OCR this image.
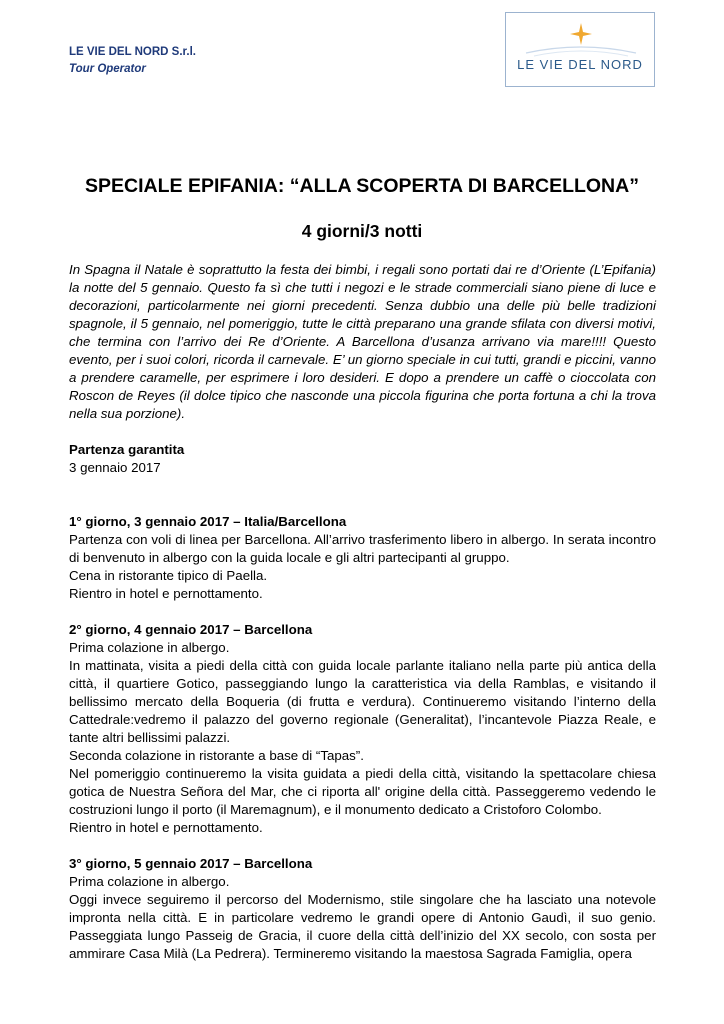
LE VIE DEL NORD S.r.l.
Tour Operator	LE VIE DEL NORD
SPECIALE EPIFANIA: “ALLA SCOPERTA DI BARCELLONA”
4 giorni/3 notti

In Spagna il Natale è soprattutto la festa dei bimbi, i regali sono portati dai re d’Oriente (L’Epifania) la notte del 5 gennaio. Questo fa sì che tutti i negozi e le strade commerciali siano piene di luce e decorazioni, particolarmente nei giorni precedenti. Senza dubbio una delle più belle tradizioni spagnole, il 5 gennaio, nel pomeriggio, tutte le città preparano una grande sfilata con diversi motivi, che termina con l’arrivo dei Re d’Oriente. A Barcellona d’usanza arrivano via mare!!!! Questo evento, per i suoi colori, ricorda il carnevale. E’ un giorno speciale in cui tutti, grandi e piccini, vanno a prendere caramelle, per esprimere i loro desideri. E dopo a prendere un caffè o cioccolata con Roscon de Reyes (il dolce tipico che nasconde una piccola figurina che porta fortuna a chi la trova nella sua porzione).

Partenza garantita

3 gennaio 2017

1° giorno, 3 gennaio 2017 – Italia/Barcellona

Partenza con voli di linea per Barcellona. All’arrivo trasferimento libero in albergo. In serata incontro di benvenuto in albergo con la guida locale e gli altri partecipanti al gruppo.

Cena in ristorante tipico di Paella.

Rientro in hotel e pernottamento.

2° giorno, 4 gennaio 2017 – Barcellona

Prima colazione in albergo.

In mattinata, visita a piedi della città con guida locale parlante italiano nella parte più antica della città, il quartiere Gotico, passeggiando lungo la caratteristica via della Ramblas, e visitando il bellissimo mercato della Boqueria (di frutta e verdura). Continueremo visitando l’interno della Cattedrale:vedremo il palazzo del governo regionale (Generalitat), l’incantevole Piazza Reale, e tante altri bellissimi palazzi.

Seconda colazione in ristorante a base di “Tapas”.

Nel pomeriggio continueremo la visita guidata a piedi della città, visitando la spettacolare chiesa gotica de Nuestra Señora del Mar, che ci riporta all' origine della città. Passeggeremo vedendo le costruzioni lungo il porto (il Maremagnum), e il monumento dedicato a Cristoforo Colombo.

Rientro in hotel e pernottamento.

3° giorno, 5 gennaio 2017 – Barcellona

Prima colazione in albergo.

Oggi invece seguiremo il percorso del Modernismo, stile singolare che ha lasciato una notevole impronta nella città. E in particolare vedremo le grandi opere di Antonio Gaudì, il suo genio. Passeggiata lungo Passeig de Gracia, il cuore della città dell’inizio del XX secolo, con sosta per ammirare Casa Milà (La Pedrera). Termineremo visitando la maestosa Sagrada Famiglia, opera
